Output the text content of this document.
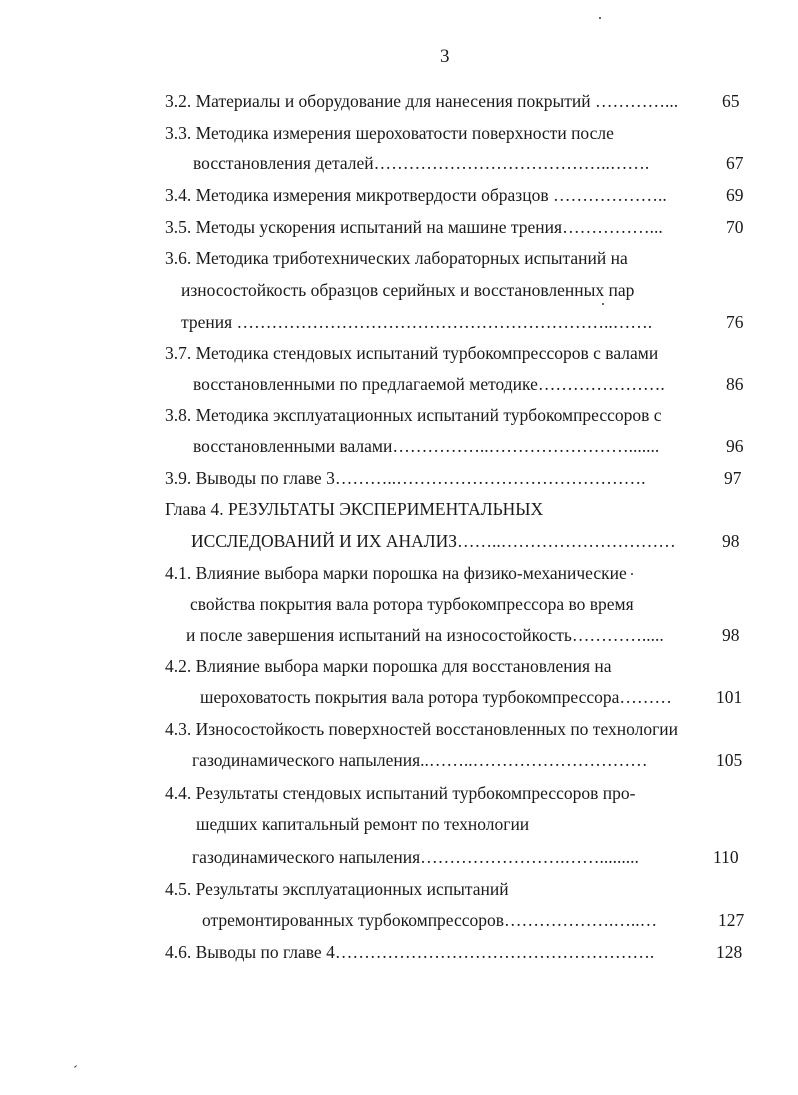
3
3.2. Материалы и оборудование для нанесения покрытий …………...	65
3.3. Методика измерения шероховатости поверхности после
восстановления деталей…………………………………..…….	67
3.4. Методика измерения микротвердости образцов ………………..	69
3.5. Методы ускорения испытаний на машине трения……………...	70
3.6. Методика триботехнических лабораторных испытаний на
износостойкость образцов серийных и восстановленных пар
трения ………………………………………………………..…….	76
3.7. Методика стендовых испытаний турбокомпрессоров с валами
восстановленными по предлагаемой методике………………….	86
3.8. Методика эксплуатационных испытаний турбокомпрессоров с
восстановленными валами……………..…………………….......	96
3.9. Выводы по главе 3………..…………………………………….	97
Глава 4. РЕЗУЛЬТАТЫ ЭКСПЕРИМЕНТАЛЬНЫХ
ИССЛЕДОВАНИЙ И ИХ АНАЛИЗ……..…………………………	98
4.1. Влияние выбора марки порошка на физико-механические
свойства покрытия вала ротора турбокомпрессора во время
и после завершения испытаний на износостойкость………….....	98
4.2. Влияние выбора марки порошка для восстановления на
шероховатость покрытия вала ротора турбокомпрессора………	101
4.3. Износостойкость поверхностей восстановленных по технологии
газодинамического напыления..……..…………………………	105
4.4. Результаты стендовых испытаний турбокомпрессоров про-
шедших капитальный ремонт по технологии
газодинамического напыления…………………….…….........	110
4.5. Результаты эксплуатационных испытаний
отремонтированных турбокомпрессоров……………….…..…	127
4.6. Выводы по главе 4……………………………………………….	128
